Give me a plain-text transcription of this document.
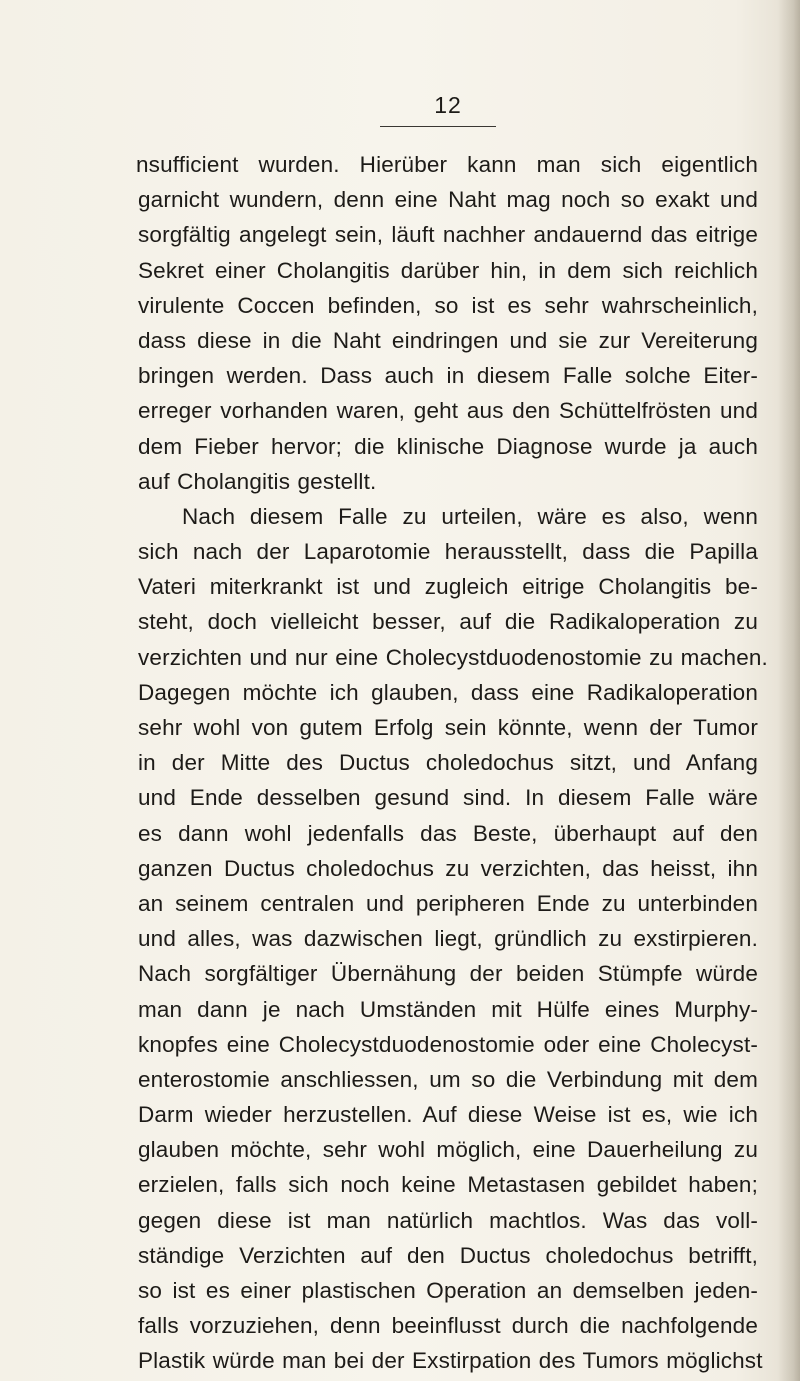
12
nsufficient wurden. Hierüber kann man sich eigentlich
garnicht wundern, denn eine Naht mag noch so exakt und
sorgfältig angelegt sein, läuft nachher andauernd das eitrige
Sekret einer Cholangitis darüber hin, in dem sich reichlich
virulente Coccen befinden, so ist es sehr wahrscheinlich,
dass diese in die Naht eindringen und sie zur Vereiterung
bringen werden. Dass auch in diesem Falle solche Eiter-
erreger vorhanden waren, geht aus den Schüttelfrösten und
dem Fieber hervor; die klinische Diagnose wurde ja auch
auf Cholangitis gestellt.
Nach diesem Falle zu urteilen, wäre es also, wenn
sich nach der Laparotomie herausstellt, dass die Papilla
Vateri miterkrankt ist und zugleich eitrige Cholangitis be-
steht, doch vielleicht besser, auf die Radikaloperation zu
verzichten und nur eine Cholecystduodenostomie zu machen.
Dagegen möchte ich glauben, dass eine Radikaloperation
sehr wohl von gutem Erfolg sein könnte, wenn der Tumor
in der Mitte des Ductus choledochus sitzt, und Anfang
und Ende desselben gesund sind. In diesem Falle wäre
es dann wohl jedenfalls das Beste, überhaupt auf den
ganzen Ductus choledochus zu verzichten, das heisst, ihn
an seinem centralen und peripheren Ende zu unterbinden
und alles, was dazwischen liegt, gründlich zu exstirpieren.
Nach sorgfältiger Übernähung der beiden Stümpfe würde
man dann je nach Umständen mit Hülfe eines Murphy-
knopfes eine Cholecystduodenostomie oder eine Cholecyst-
enterostomie anschliessen, um so die Verbindung mit dem
Darm wieder herzustellen. Auf diese Weise ist es, wie ich
glauben möchte, sehr wohl möglich, eine Dauerheilung zu
erzielen, falls sich noch keine Metastasen gebildet haben;
gegen diese ist man natürlich machtlos. Was das voll-
ständige Verzichten auf den Ductus choledochus betrifft,
so ist es einer plastischen Operation an demselben jeden-
falls vorzuziehen, denn beeinflusst durch die nachfolgende
Plastik würde man bei der Exstirpation des Tumors möglichst
